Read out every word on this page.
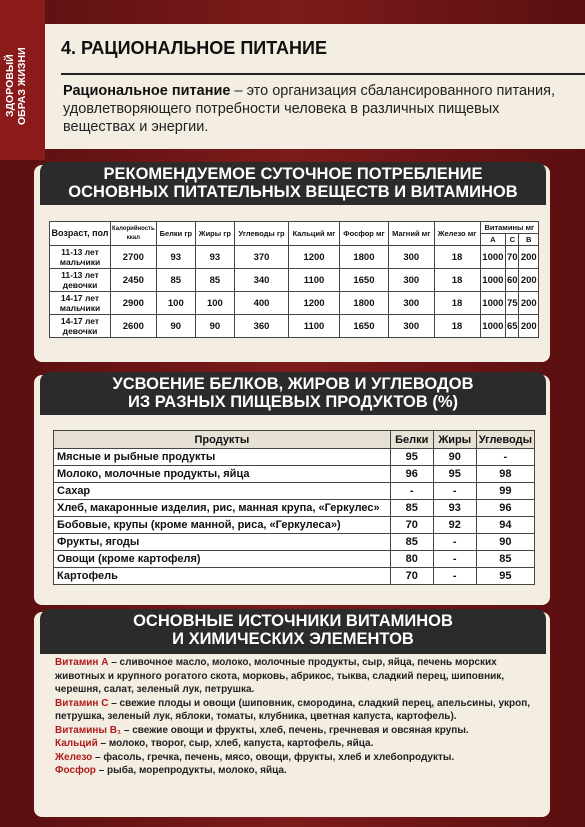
ЗДОРОВЫЙ ОБРАЗ ЖИЗНИ 4. РАЦИОНАЛЬНОЕ ПИТАНИЕ
Рациональное питание – это организация сбалансированного питания, удовлетворяющего потребности человека в различных пищевых веществах и энергии.
РЕКОМЕНДУЕМОЕ СУТОЧНОЕ ПОТРЕБЛЕНИЕ
ОСНОВНЫХ ПИТАТЕЛЬНЫХ ВЕЩЕСТВ И ВИТАМИНОВ
Возраст, пол	Калорийность ккал	Белки гр	Жиры гр	Углеводы гр	Кальций мг	Фосфор мг	Магний мг	Железо мг	Витамины мг		
									А	С	В
11-13 лет мальчики	2700	93	93	370	1200	1800	300	18	1000	70	200
11-13 лет девочки	2450	85	85	340	1100	1650	300	18	1000	60	200
14-17 лет мальчики	2900	100	100	400	1200	1800	300	18	1000	75	200
14-17 лет девочки	2600	90	90	360	1100	1650	300	18	1000	65	200
УСВОЕНИЕ БЕЛКОВ, ЖИРОВ И УГЛЕВОДОВ
ИЗ РАЗНЫХ ПИЩЕВЫХ ПРОДУКТОВ (%)
Продукты	Белки	Жиры	Углеводы
Мясные и рыбные продукты	95	90	-
Молоко, молочные продукты, яйца	96	95	98
Сахар	-	-	99
Хлеб, макаронные изделия, рис, манная крупа, «Геркулес»	85	93	96
Бобовые, крупы (кроме манной, риса, «Геркулеса»)	70	92	94
Фрукты, ягоды	85	-	90
Овощи (кроме картофеля)	80	-	85
Картофель	70	-	95
ОСНОВНЫЕ ИСТОЧНИКИ ВИТАМИНОВ
И ХИМИЧЕСКИХ ЭЛЕМЕНТОВ
Витамин А – сливочное масло, молоко, молочные продукты, сыр, яйца, печень морских животных и крупного рогатого скота, морковь, абрикос, тыква, сладкий перец, шиповник, черешня, салат, зеленый лук, петрушка.
Витамин С – свежие плоды и овощи (шиповник, смородина, сладкий перец, апельсины, укроп, петрушка, зеленый лук, яблоки, томаты, клубника, цветная капуста, картофель).
Витамины В₁ – свежие овощи и фрукты, хлеб, печень, гречневая и овсяная крупы.
Кальций – молоко, творог, сыр, хлеб, капуста, картофель, яйца.
Железо – фасоль, гречка, печень, мясо, овощи, фрукты, хлеб и хлебопродукты.
Фосфор – рыба, морепродукты, молоко, яйца.
